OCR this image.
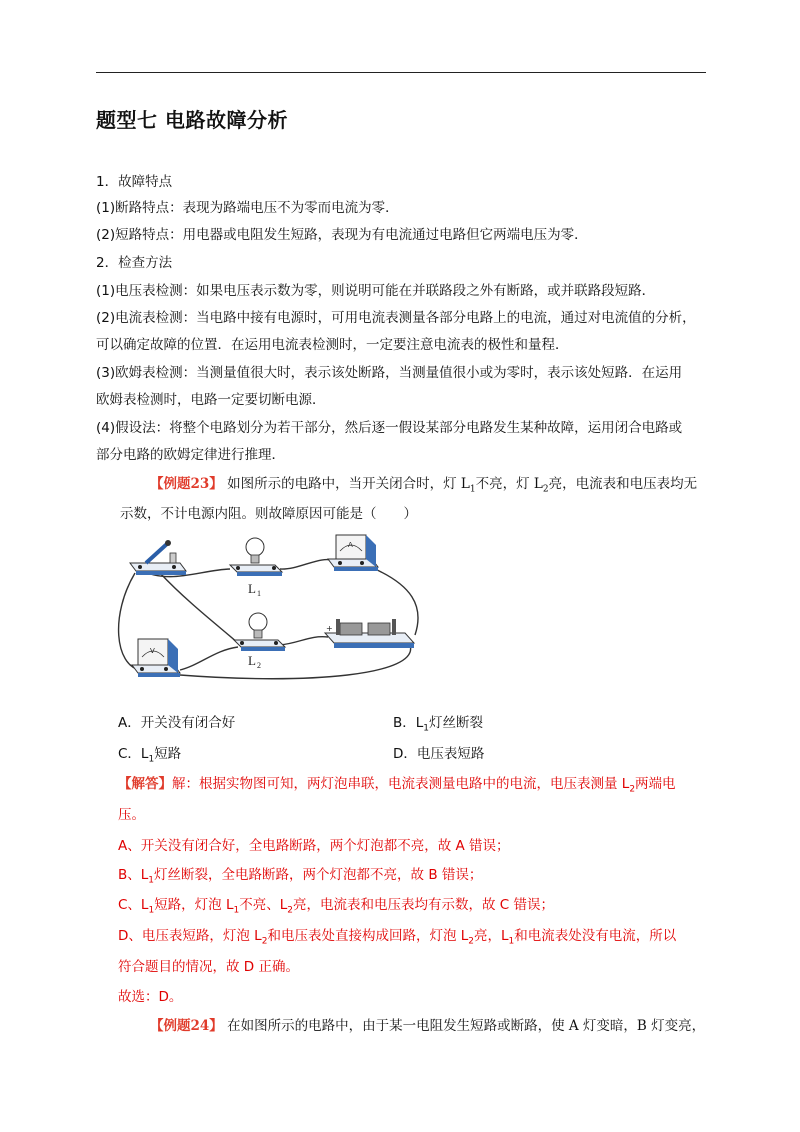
题型七 电路故障分析
1．故障特点
(1)断路特点：表现为路端电压不为零而电流为零．
(2)短路特点：用电器或电阻发生短路，表现为有电流通过电路但它两端电压为零．
2．检查方法
(1)电压表检测：如果电压表示数为零，则说明可能在并联路段之外有断路，或并联路段短路．
(2)电流表检测：当电路中接有电源时，可用电流表测量各部分电路上的电流，通过对电流值的分析，
可以确定故障的位置．在运用电流表检测时，一定要注意电流表的极性和量程．
(3)欧姆表检测：当测量值很大时，表示该处断路，当测量值很小或为零时，表示该处短路．在运用
欧姆表检测时，电路一定要切断电源．
(4)假设法：将整个电路划分为若干部分，然后逐一假设某部分电路发生某种故障，运用闭合电路或
部分电路的欧姆定律进行推理．
【例题23】 如图所示的电路中，当开关闭合时，灯 $L_1$不亮，灯 $L_2$亮，电流表和电压表均无
示数，不计电源内阻。则故障原因可能是（　　）
L 1
A
V
L 2
+
A．开关没有闭合好	B．$L_1$灯丝断裂
C．$L_1$短路	D．电压表短路
【解答】解：根据实物图可知，两灯泡串联，电流表测量电路中的电流，电压表测量 $L_2$两端电
压。
A、开关没有闭合好，全电路断路，两个灯泡都不亮，故 A 错误；
B、$L_1$灯丝断裂，全电路断路，两个灯泡都不亮，故 B 错误；
C、$L_1$短路，灯泡 $L_1$不亮、$L_2$亮，电流表和电压表均有示数，故 C 错误；
D、电压表短路，灯泡 $L_2$和电压表处直接构成回路，灯泡 $L_2$亮，$L_1$和电流表处没有电流，所以
符合题目的情况，故 D 正确。
故选：D。
【例题24】 在如图所示的电路中，由于某一电阻发生短路或断路，使 A 灯变暗，B 灯变亮，
